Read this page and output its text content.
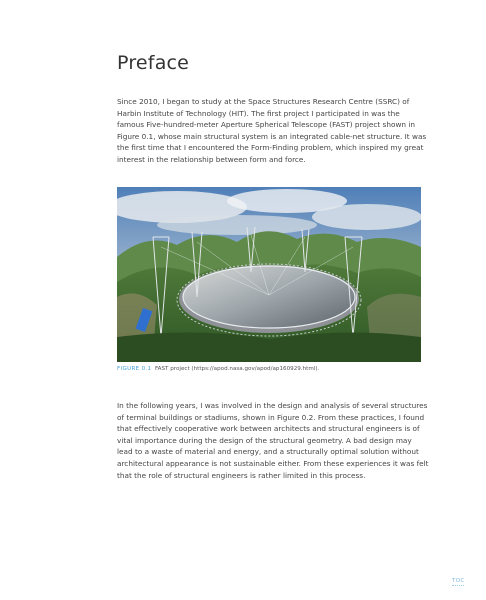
Preface

Since 2010, I began to study at the Space Structures Research Centre (SSRC) of Harbin Institute of Technology (HIT). The first project I participated in was the famous Five-hundred-meter Aperture Spherical Telescope (FAST) project shown in Figure 0.1, whose main structural system is an integrated cable-net structure. It was the first time that I encountered the Form-Finding problem, which inspired my great interest in the relationship between form and force.

FIGURE 0.1 FAST project (https://apod.nasa.gov/apod/ap160929.html).

In the following years, I was involved in the design and analysis of several structures of terminal buildings or stadiums, shown in Figure 0.2. From these practices, I found that effectively cooperative work between architects and structural engineers is of vital importance during the design of the structural geometry. A bad design may lead to a waste of material and energy, and a structurally optimal solution without architectural appearance is not sustainable either. From these experiences it was felt that the role of structural engineers is rather limited in this process.

TOC
